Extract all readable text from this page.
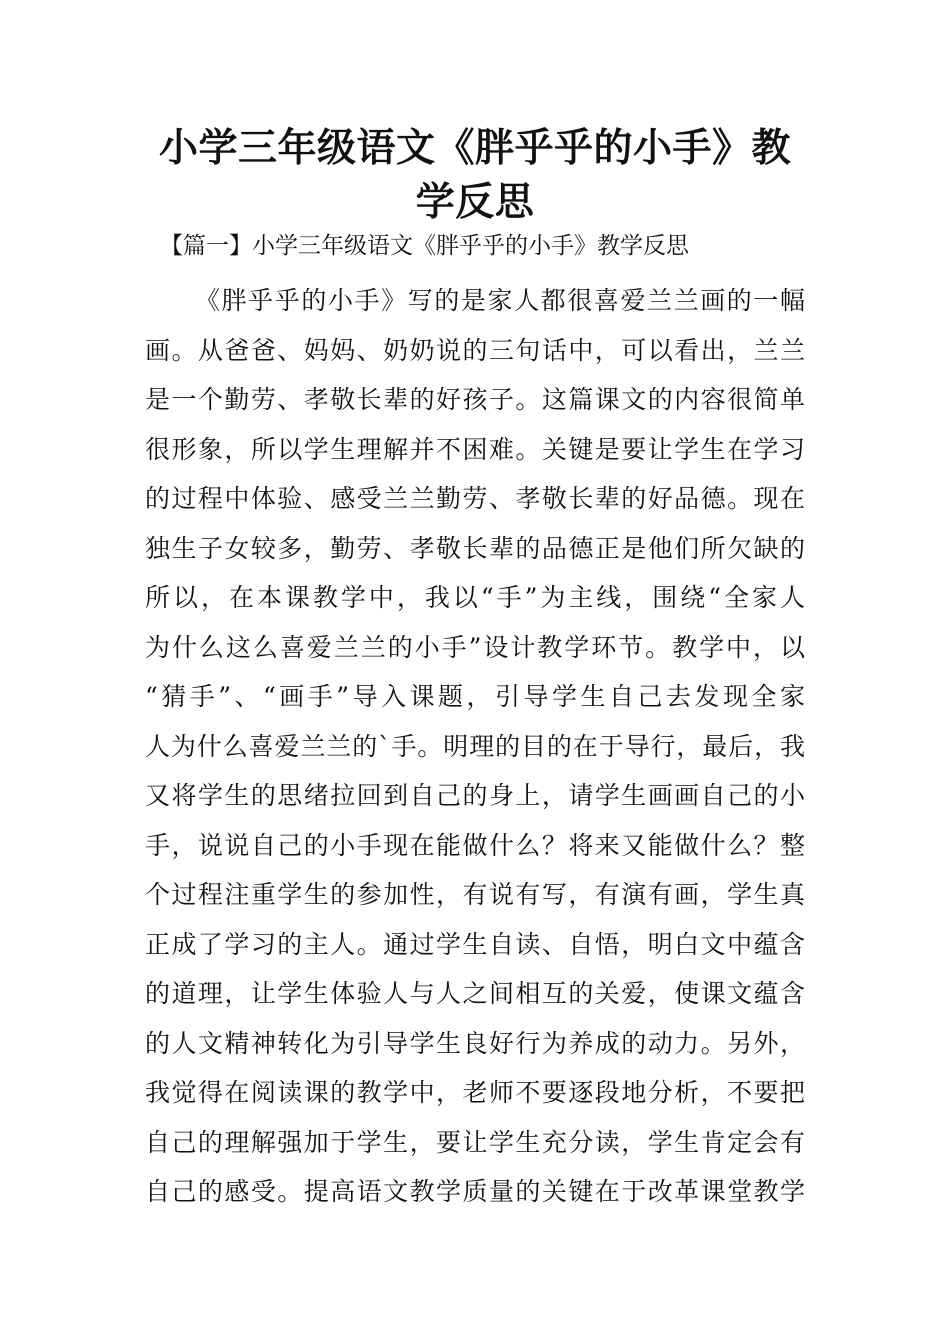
小学三年级语文《胖乎乎的小手》教学反思

【篇一】小学三年级语文《胖乎乎的小手》教学反思

《胖乎乎的小手》写的是家人都很喜爱兰兰画的一幅
画。从爸爸、妈妈、奶奶说的三句话中，可以看出，兰兰
是一个勤劳、孝敬长辈的好孩子。这篇课文的内容很简单
很形象，所以学生理解并不困难。关键是要让学生在学习
的过程中体验、感受兰兰勤劳、孝敬长辈的好品德。现在
独生子女较多，勤劳、孝敬长辈的品德正是他们所欠缺的
所以，在本课教学中，我以“手”为主线，围绕“全家人
为什么这么喜爱兰兰的小手”设计教学环节。教学中，以
“猜手”、“画手”导入课题，引导学生自己去发现全家
人为什么喜爱兰兰的`手。明理的目的在于导行，最后，我
又将学生的思绪拉回到自己的身上，请学生画画自己的小
手，说说自己的小手现在能做什么？将来又能做什么？整
个过程注重学生的参加性，有说有写，有演有画，学生真
正成了学习的主人。通过学生自读、自悟，明白文中蕴含
的道理，让学生体验人与人之间相互的关爱，使课文蕴含
的人文精神转化为引导学生良好行为养成的动力。另外，
我觉得在阅读课的教学中，老师不要逐段地分析，不要把
自己的理解强加于学生，要让学生充分读，学生肯定会有
自己的感受。提高语文教学质量的关键在于改革课堂教学
